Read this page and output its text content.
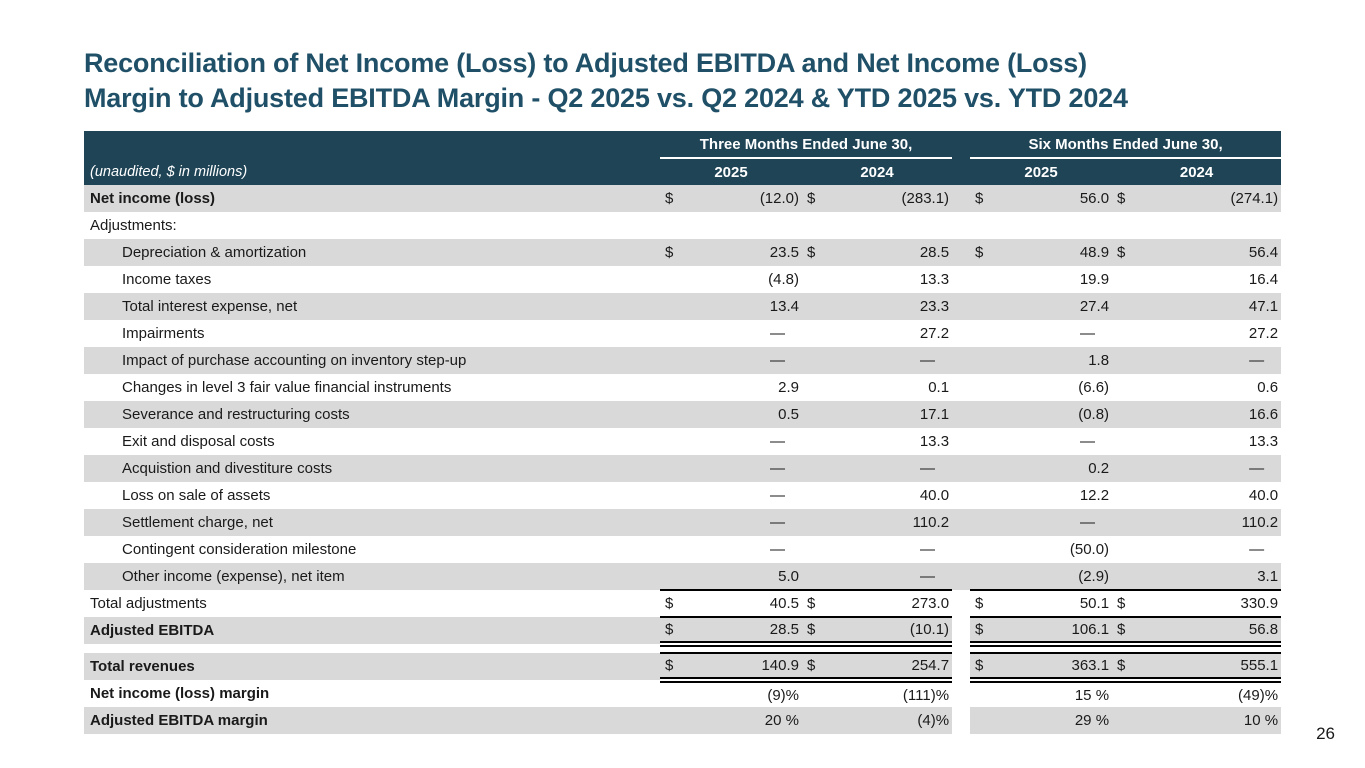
Reconciliation of Net Income (Loss) to Adjusted EBITDA and Net Income (Loss)
Margin to Adjusted EBITDA Margin - Q2 2025 vs. Q2 2024 & YTD 2025 vs. YTD 2024
	Three Months Ended June 30,					Six Months Ended June 30,			
(unaudited, $ in millions)	2025		2024			2025		2024	
Net income (loss)	$	(12.0)	$	(283.1)		$	56.0	$	(274.1)
Adjustments:									
Depreciation & amortization	$	23.5	$	28.5		$	48.9	$	56.4
Income taxes		(4.8)		13.3			19.9		16.4
Total interest expense, net		13.4		23.3			27.4		47.1
Impairments		—		27.2			—		27.2
Impact of purchase accounting on inventory step-up		—		—			1.8		—
Changes in level 3 fair value financial instruments		2.9		0.1			(6.6)		0.6
Severance and restructuring costs		0.5		17.1			(0.8)		16.6
Exit and disposal costs		—		13.3			—		13.3
Acquistion and divestiture costs		—		—			0.2		—
Loss on sale of assets		—		40.0			12.2		40.0
Settlement charge, net		—		110.2			—		110.2
Contingent consideration milestone		—		—			(50.0)		—
Other income (expense), net item		5.0		—			(2.9)		3.1
Total adjustments	$	40.5	$	273.0		$	50.1	$	330.9
Adjusted EBITDA	$	28.5	$	(10.1)		$	106.1	$	56.8

Total revenues	$	140.9	$	254.7		$	363.1	$	555.1
Net income (loss) margin		(9)%		(111)%			15 %		(49)%
Adjusted EBITDA margin		20 %		(4)%			29 %		10 %
26
